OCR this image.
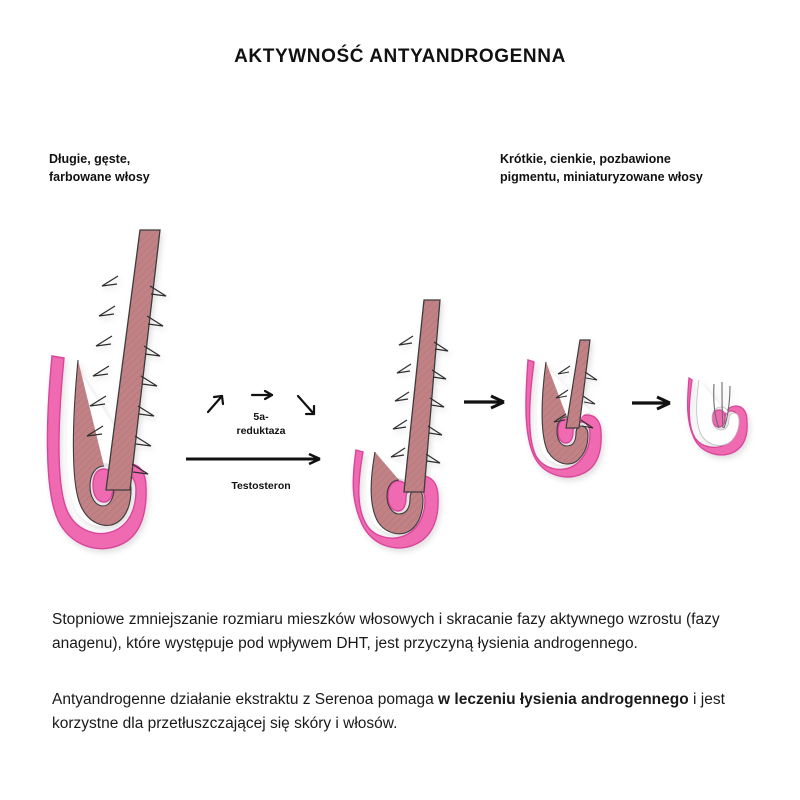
AKTYWNOŚĆ ANTYANDROGENNA
Długie, gęste,
farbowane włosy
Krótkie, cienkie, pozbawione
pigmentu, miniaturyzowane włosy
5a-
reduktaza
Testosteron
Stopniowe zmniejszanie rozmiaru mieszków włosowych i skracanie fazy aktywnego wzrostu (fazy anagenu), które występuje pod wpływem DHT, jest przyczyną łysienia androgennego.
Antyandrogenne działanie ekstraktu z Serenoa pomaga w leczeniu łysienia androgennego i jest korzystne dla przetłuszczającej się skóry i włosów.
